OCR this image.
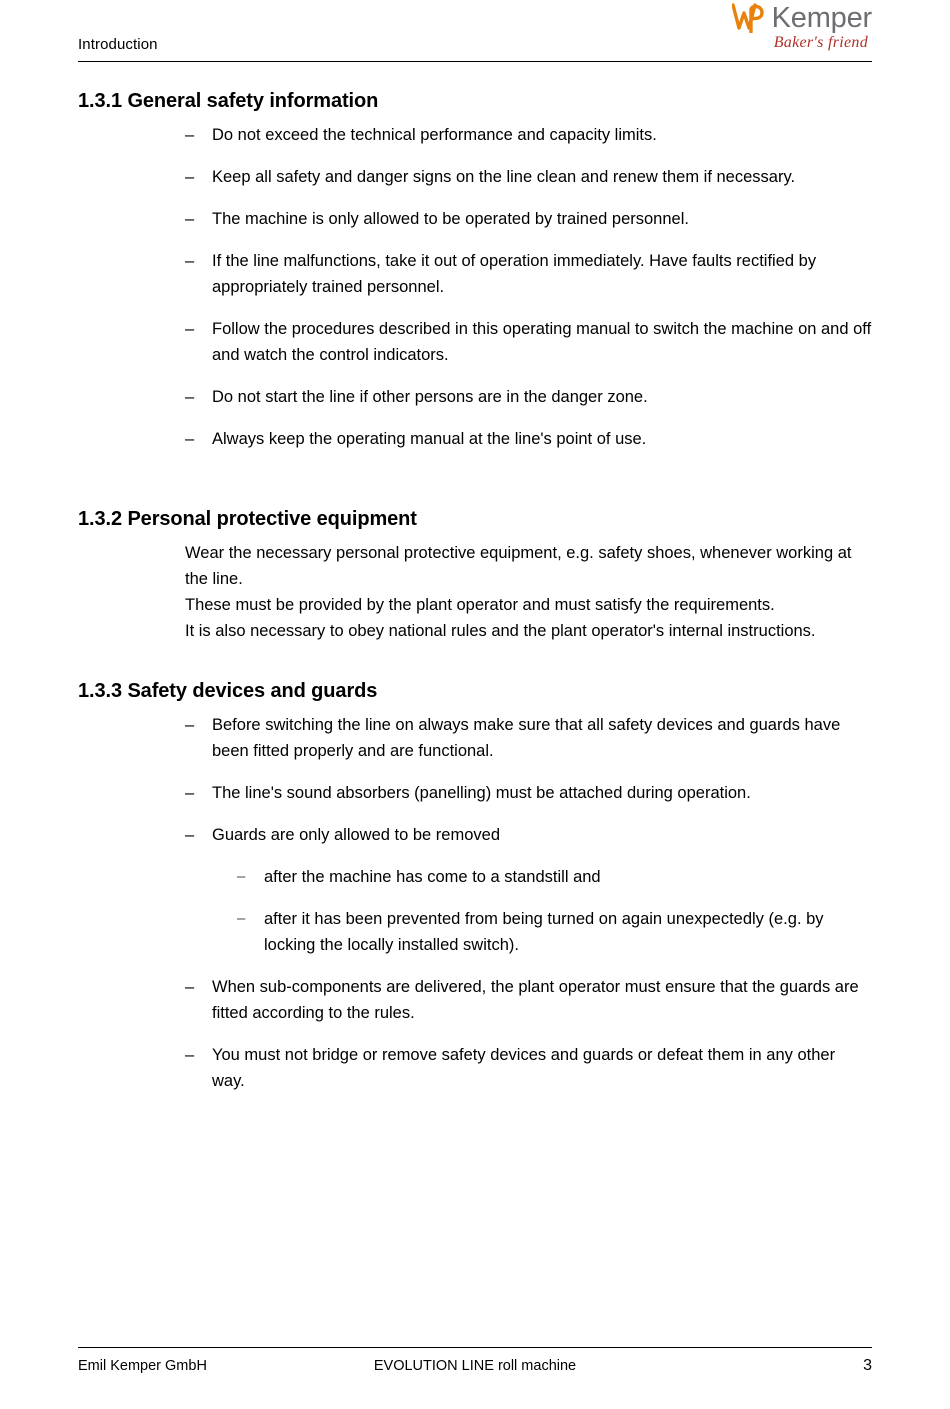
Introduction
Kemper
Baker's friend
1.3.1 General safety information
– Do not exceed the technical performance and capacity limits.
– Keep all safety and danger signs on the line clean and renew them if necessary.
– The machine is only allowed to be operated by trained personnel.
– If the line malfunctions, take it out of operation immediately. Have faults rectified by appropriately trained personnel.
– Follow the procedures described in this operating manual to switch the machine on and off and watch the control indicators.
– Do not start the line if other persons are in the danger zone.
– Always keep the operating manual at the line's point of use.
1.3.2 Personal protective equipment

Wear the necessary personal protective equipment, e.g. safety shoes, whenever working at the line.

These must be provided by the plant operator and must satisfy the requirements.

It is also necessary to obey national rules and the plant operator's internal instructions.

1.3.3 Safety devices and guards
– Before switching the line on always make sure that all safety devices and guards have been fitted properly and are functional.
– The line's sound absorbers (panelling) must be attached during operation.
– Guards are only allowed to be removed
– after the machine has come to a standstill and
– after it has been prevented from being turned on again unexpectedly (e.g. by locking the locally installed switch).
– When sub-components are delivered, the plant operator must ensure that the guards are fitted according to the rules.
– You must not bridge or remove safety devices and guards or defeat them in any other way.
Emil Kemper GmbH	EVOLUTION LINE roll machine	3
